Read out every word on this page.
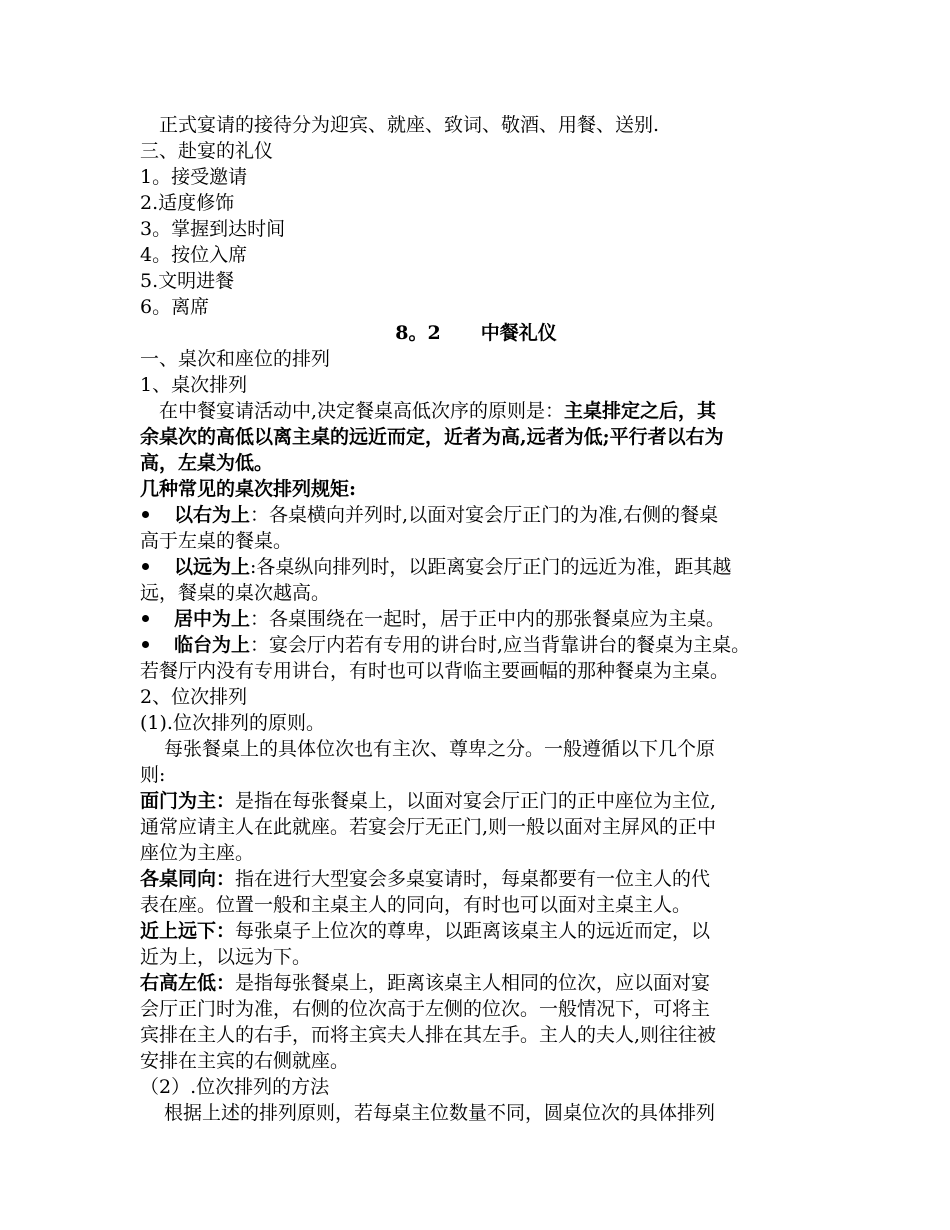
正式宴请的接待分为迎宾、就座、致词、敬酒、用餐、送别.
三、赴宴的礼仪
1。接受邀请
2.适度修饰
3。掌握到达时间
4。按位入席
5.文明进餐
6。离席
8。2 中餐礼仪
一、桌次和座位的排列
1、桌次排列
在中餐宴请活动中,决定餐桌高低次序的原则是：主桌排定之后，其
余桌次的高低以离主桌的远近而定，近者为高,远者为低;平行者以右为
高，左桌为低。
几种常见的桌次排列规矩:
以右为上：各桌横向并列时,以面对宴会厅正门的为准,右侧的餐桌
高于左桌的餐桌。
以远为上:各桌纵向排列时，以距离宴会厅正门的远近为准，距其越
远，餐桌的桌次越高。
居中为上：各桌围绕在一起时，居于正中内的那张餐桌应为主桌。
临台为上：宴会厅内若有专用的讲台时,应当背靠讲台的餐桌为主桌。
若餐厅内没有专用讲台，有时也可以背临主要画幅的那种餐桌为主桌。
2、位次排列
(1).位次排列的原则。
每张餐桌上的具体位次也有主次、尊卑之分。一般遵循以下几个原
则:
面门为主：是指在每张餐桌上，以面对宴会厅正门的正中座位为主位,
通常应请主人在此就座。若宴会厅无正门,则一般以面对主屏风的正中
座位为主座。
各桌同向：指在进行大型宴会多桌宴请时，每桌都要有一位主人的代
表在座。位置一般和主桌主人的同向，有时也可以面对主桌主人。
近上远下：每张桌子上位次的尊卑，以距离该桌主人的远近而定，以
近为上，以远为下。
右高左低：是指每张餐桌上，距离该桌主人相同的位次，应以面对宴
会厅正门时为准，右侧的位次高于左侧的位次。一般情况下，可将主
宾排在主人的右手，而将主宾夫人排在其左手。主人的夫人,则往往被
安排在主宾的右侧就座。
（2）.位次排列的方法
根据上述的排列原则，若每桌主位数量不同，圆桌位次的具体排列
